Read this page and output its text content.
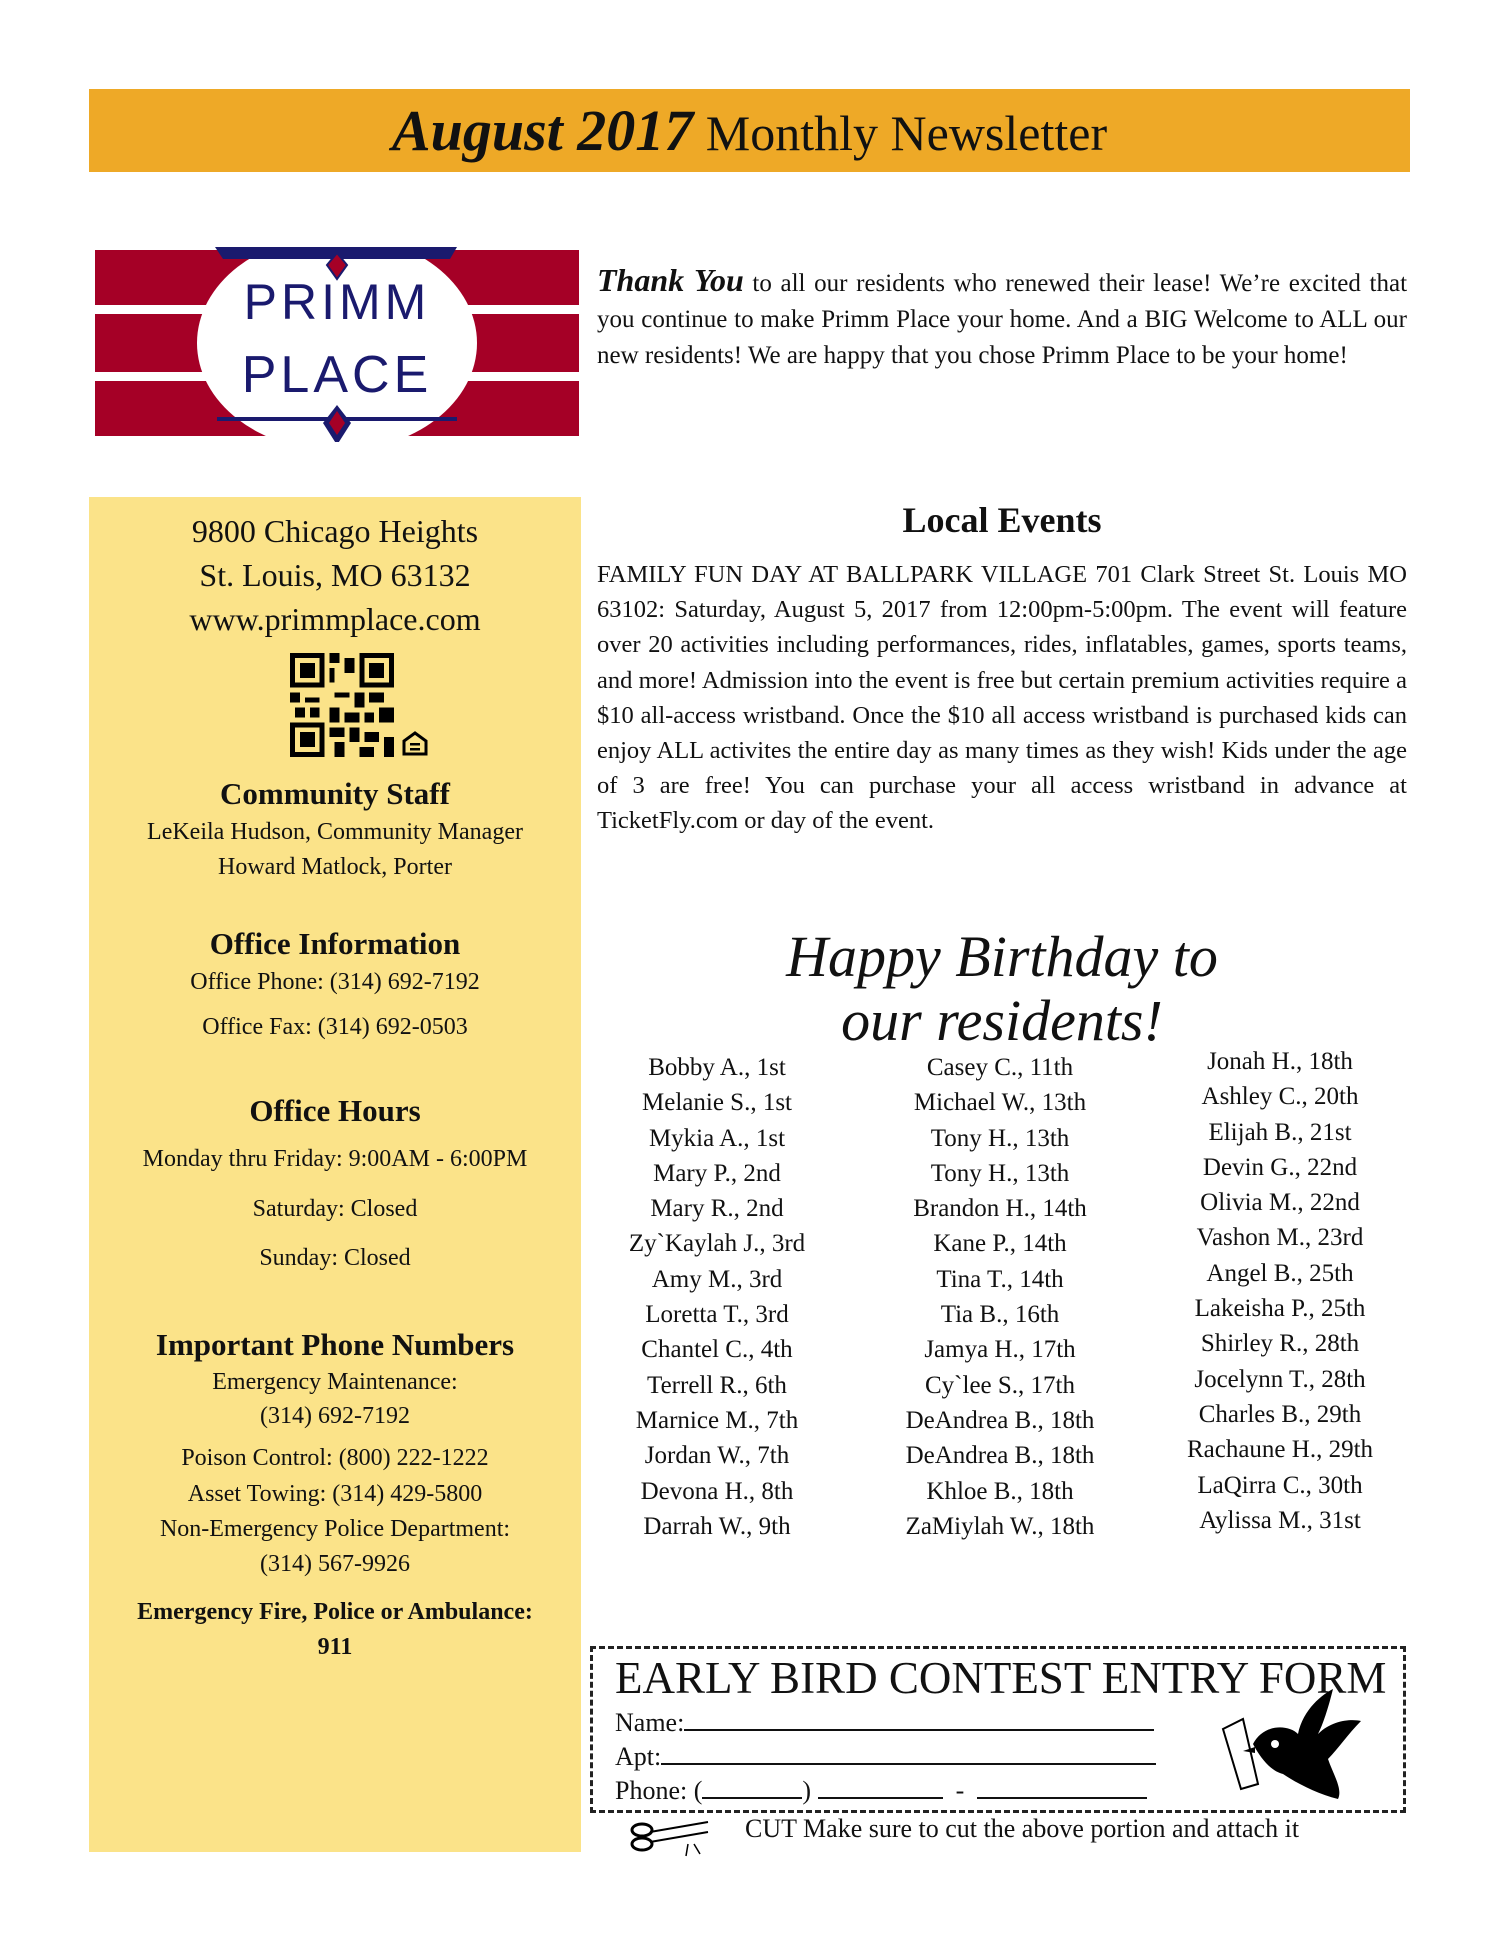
August 2017 Monthly Newsletter
PRIMM
PLACE
Thank You to all our residents who renewed their lease! We’re excited that you continue to make Primm Place your home. And a BIG Welcome to ALL our new residents! We are happy that you chose Primm Place to be your home!
9800 Chicago Heights
St. Louis, MO 63132
www.primmplace.com
Community Staff
LeKeila Hudson, Community Manager
Howard Matlock, Porter
Office Information
Office Phone: (314) 692-7192
Office Fax: (314) 692-0503
Office Hours
Monday thru Friday: 9:00AM - 6:00PM
Saturday: Closed
Sunday: Closed
Important Phone Numbers
Emergency Maintenance:
(314) 692-7192
Poison Control: (800) 222-1222
Asset Towing: (314) 429-5800
Non-Emergency Police Department:
(314) 567-9926
Emergency Fire, Police or Ambulance:
911
Local Events
FAMILY FUN DAY AT BALLPARK VILLAGE 701 Clark Street St. Louis MO 63102: Saturday, August 5, 2017 from 12:00pm-5:00pm. The event will feature over 20 activities including performances, rides, inflatables, games, sports teams, and more! Admission into the event is free but certain premium activities require a $10 all-access wristband. Once the $10 all access wristband is purchased kids can enjoy ALL activites the entire day as many times as they wish! Kids under the age of 3 are free! You can purchase your all access wristband in advance at TicketFly.com or day of the event.
Happy Birthday to
our residents!
Bobby A., 1st
Melanie S., 1st
Mykia A., 1st
Mary P., 2nd
Mary R., 2nd
Zy`Kaylah J., 3rd
Amy M., 3rd
Loretta T., 3rd
Chantel C., 4th
Terrell R., 6th
Marnice M., 7th
Jordan W., 7th
Devona H., 8th
Darrah W., 9th
Casey C., 11th
Michael W., 13th
Tony H., 13th
Tony H., 13th
Brandon H., 14th
Kane P., 14th
Tina T., 14th
Tia B., 16th
Jamya H., 17th
Cy`lee S., 17th
DeAndrea B., 18th
DeAndrea B., 18th
Khloe B., 18th
ZaMiylah W., 18th
Jonah H., 18th
Ashley C., 20th
Elijah B., 21st
Devin G., 22nd
Olivia M., 22nd
Vashon M., 23rd
Angel B., 25th
Lakeisha P., 25th
Shirley R., 28th
Jocelynn T., 28th
Charles B., 29th
Rachaune H., 29th
LaQirra C., 30th
Aylissa M., 31st
EARLY BIRD CONTEST ENTRY FORM
Name:
Apt:
Phone: (	)	-
CUT Make sure to cut the above portion and attach it
